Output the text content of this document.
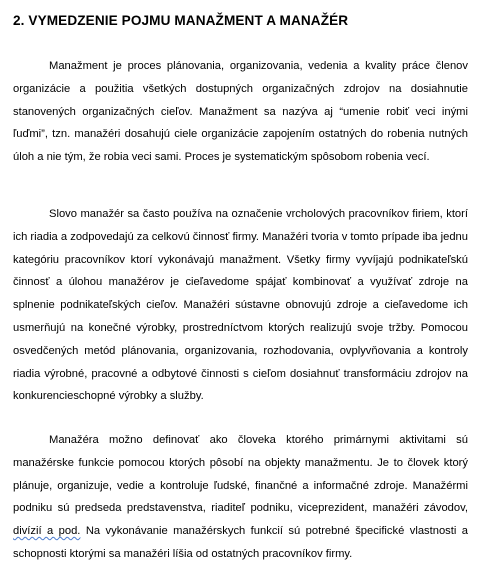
2. VYMEDZENIE POJMU MANAŽMENT A MANAŽÉR

Manažment je proces plánovania, organizovania, vedenia a kvality práce členov organizácie a použitia všetkých dostupných organizačných zdrojov na dosiahnutie stanovených organizačných cieľov. Manažment sa nazýva aj “umenie robiť veci inými ľuďmi”, tzn. manažéri dosahujú ciele organizácie zapojením ostatných do robenia nutných úloh a nie tým, že robia veci sami. Proces je systematickým spôsobom robenia vecí.

Slovo manažér sa často používa na označenie vrcholových pracovníkov firiem, ktorí ich riadia a zodpovedajú za celkovú činnosť firmy. Manažéri tvoria v tomto prípade iba jednu kategóriu pracovníkov ktorí vykonávajú manažment. Všetky firmy vyvíjajú podnikateľskú činnosť a úlohou manažérov je cieľavedome spájať kombinovať a využívať zdroje na splnenie podnikateľských cieľov. Manažéri sústavne obnovujú zdroje a cieľavedome ich usmerňujú na konečné výrobky, prostredníctvom ktorých realizujú svoje tržby. Pomocou osvedčených metód plánovania, organizovania, rozhodovania, ovplyvňovania a kontroly riadia výrobné, pracovné a odbytové činnosti s cieľom dosiahnuť transformáciu zdrojov na konkurencieschopné výrobky a služby.

Manažéra možno definovať ako človeka ktorého primárnymi aktivitami sú manažérske funkcie pomocou ktorých pôsobí na objekty manažmentu. Je to človek ktorý plánuje, organizuje, vedie a kontroluje ľudské, finančné a informačné zdroje. Manažérmi podniku sú predseda predstavenstva, riaditeľ podniku, viceprezident, manažéri závodov, divízií a pod. Na vykonávanie manažérskych funkcií sú potrebné špecifické vlastnosti a schopnosti ktorými sa manažéri líšia od ostatných pracovníkov firmy.
